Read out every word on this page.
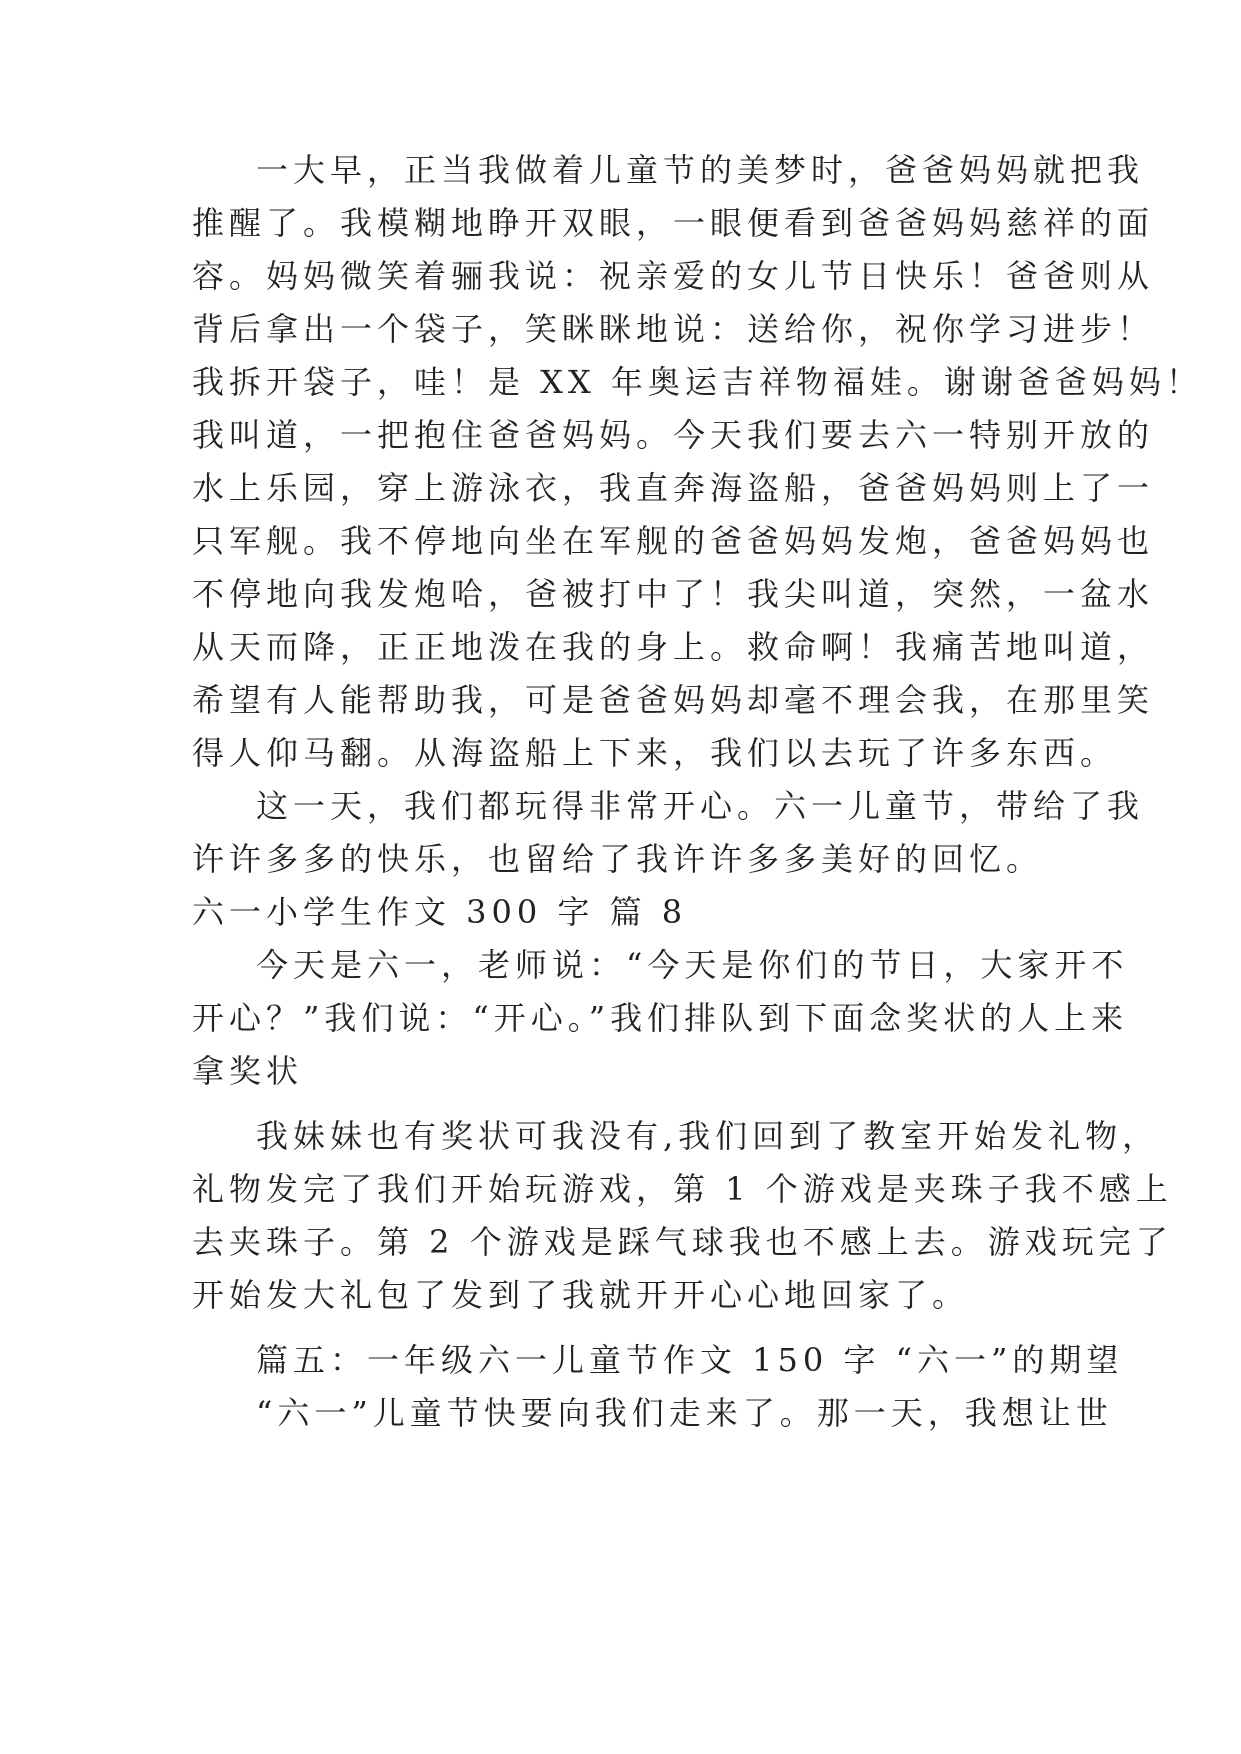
一大早，正当我做着儿童节的美梦时，爸爸妈妈就把我
推醒了。我模糊地睁开双眼，一眼便看到爸爸妈妈慈祥的面
容。妈妈微笑着骊我说：祝亲爱的女儿节日快乐！爸爸则从
背后拿出一个袋子，笑眯眯地说：送给你，祝你学习进步！
我拆开袋子，哇！是 XX 年奥运吉祥物福娃。谢谢爸爸妈妈！
我叫道，一把抱住爸爸妈妈。今天我们要去六一特别开放的
水上乐园，穿上游泳衣，我直奔海盗船，爸爸妈妈则上了一
只军舰。我不停地向坐在军舰的爸爸妈妈发炮，爸爸妈妈也
不停地向我发炮哈，爸被打中了！我尖叫道，突然，一盆水
从天而降，正正地泼在我的身上。救命啊！我痛苦地叫道，
希望有人能帮助我，可是爸爸妈妈却毫不理会我，在那里笑
得人仰马翻。从海盗船上下来，我们以去玩了许多东西。
这一天，我们都玩得非常开心。六一儿童节，带给了我
许许多多的快乐，也留给了我许许多多美好的回忆。
六一小学生作文 300 字 篇 8
今天是六一，老师说：“今天是你们的节日，大家开不
开心？”我们说：“开心。”我们排队到下面念奖状的人上来
拿奖状
我妹妹也有奖状可我没有,我们回到了教室开始发礼物，
礼物发完了我们开始玩游戏，第 1 个游戏是夹珠子我不感上
去夹珠子。第 2 个游戏是踩气球我也不感上去。游戏玩完了
开始发大礼包了发到了我就开开心心地回家了。
篇五：一年级六一儿童节作文 150 字 “六一”的期望
“六一”儿童节快要向我们走来了。那一天，我想让世
